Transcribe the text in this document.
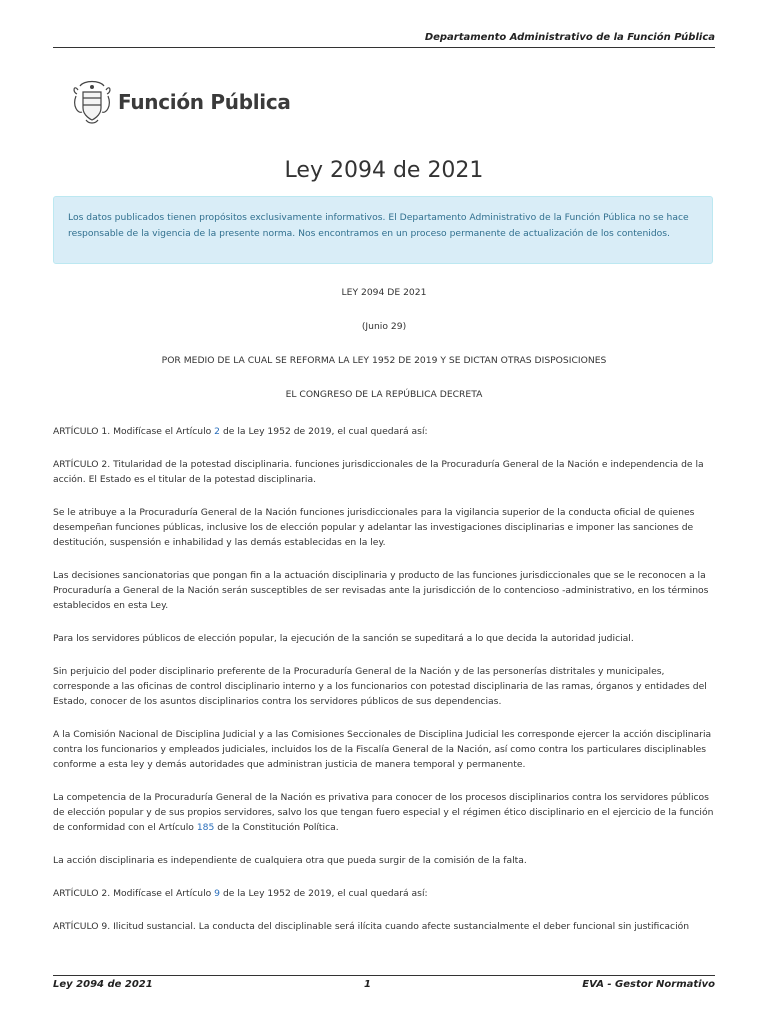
Departamento Administrativo de la Función Pública
Función Pública
Ley 2094 de 2021
Los datos publicados tienen propósitos exclusivamente informativos. El Departamento Administrativo de la Función Pública no se hace responsable de la vigencia de la presente norma. Nos encontramos en un proceso permanente de actualización de los contenidos.

LEY 2094 DE 2021

(Junio 29)

POR MEDIO DE LA CUAL SE REFORMA LA LEY 1952 DE 2019 Y SE DICTAN OTRAS DISPOSICIONES

EL CONGRESO DE LA REPÚBLICA DECRETA

ARTÍCULO 1. Modifícase el Artículo 2 de la Ley 1952 de 2019, el cual quedará así:

ARTÍCULO 2. Titularidad de la potestad disciplinaria. funciones jurisdiccionales de la Procuraduría General de la Nación e independencia de la acción. El Estado es el titular de la potestad disciplinaria.

Se le atribuye a la Procuraduría General de la Nación funciones jurisdiccionales para la vigilancia superior de la conducta oficial de quienes desempeñan funciones públicas, inclusive los de elección popular y adelantar las investigaciones disciplinarias e imponer las sanciones de destitución, suspensión e inhabilidad y las demás establecidas en la ley.

Las decisiones sancionatorias que pongan fin a la actuación disciplinaria y producto de las funciones jurisdiccionales que se le reconocen a la Procuraduría a General de la Nación serán susceptibles de ser revisadas ante la jurisdicción de lo contencioso -administrativo, en los términos establecidos en esta Ley.

Para los servidores públicos de elección popular, la ejecución de la sanción se supeditará a lo que decida la autoridad judicial.

Sin perjuicio del poder disciplinario preferente de la Procuraduría General de la Nación y de las personerías distritales y municipales, corresponde a las oficinas de control disciplinario interno y a los funcionarios con potestad disciplinaria de las ramas, órganos y entidades del Estado, conocer de los asuntos disciplinarios contra los servidores públicos de sus dependencias.

A la Comisión Nacional de Disciplina Judicial y a las Comisiones Seccionales de Disciplina Judicial les corresponde ejercer la acción disciplinaria contra los funcionarios y empleados judiciales, incluidos los de la Fiscalía General de la Nación, así como contra los particulares disciplinables conforme a esta ley y demás autoridades que administran justicia de manera temporal y permanente.

La competencia de la Procuraduría General de la Nación es privativa para conocer de los procesos disciplinarios contra los servidores públicos de elección popular y de sus propios servidores, salvo los que tengan fuero especial y el régimen ético disciplinario en el ejercicio de la función de conformidad con el Artículo 185 de la Constitución Política.

La acción disciplinaria es independiente de cualquiera otra que pueda surgir de la comisión de la falta.

ARTÍCULO 2. Modifícase el Artículo 9 de la Ley 1952 de 2019, el cual quedará así:

ARTÍCULO 9. Ilicitud sustancial. La conducta del disciplinable será ilícita cuando afecte sustancialmente el deber funcional sin justificación

Ley 2094 de 2021	1	EVA - Gestor Normativo
